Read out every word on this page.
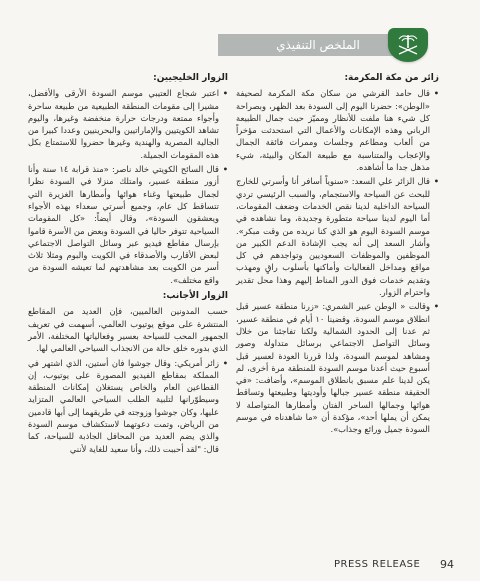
الملخص التنفيذي
زائر من مكة المكرمة:

•
قال حامد القرشي من سكان مكة المكرمة لصحيفة «الوطن»: حضرنا اليوم إلى السودة بعد الظهر، وبصراحة كل شيء هنا ملفت للأنظار ومميّز حيث جمال الطبيعة الرباني وهذه الإمكانات والأعمال التي استحدثت مؤخراً من ألعاب ومطاعم وجلسات وممرات فائقة الجمال والإعجاب والمتناسبة مع طبيعة المكان والبيئة، شيء مذهل جدا ما أشاهده.

•
قال الزائر علي السعد: «سنوياً أسافر أنا وأسرتي للخارج للبحث عن السياحة والاستجمام، والسبب الرئيسي تردي السياحة الداخلية لدينا نقص الخدمات وضعف المقومات، أما اليوم لدينا سياحة متطورة وجديدة، وما نشاهده في موسم السودة اليوم هو الذي كنا نريده من وقت مبكر». وأشار السعد إلى أنه يجب الإشادة الدعم الكبير من الموظفين والموظفات السعوديين وتواجدهم في كل مواقع ومداخل الفعاليات وأماكنها بأسلوب راقٍ ومهذب وتقديم خدمات فوق الدور المناط إليهم وهذا محل تقدير واحترام الزوار.

•
وقالت « الوطن عبير الشمري: «زرنا منطقة عسير قبل انطلاق موسم السودة، وقضينا ١٠ أيام في منطقة عسير، ثم عدنا إلى الحدود الشمالية ولكنا تفاجئنا من خلال وسائل التواصل الاجتماعي برسائل متداولة وصور ومشاهد لموسم السودة، ولذا قررنا العودة لعسير قبل أسبوع حيث أعدنا موسم السودة للمنطقة مرة أخرى، لم يكن لدينا علم مسبق بانطلاق الموسم»، وأضافت: «في الحقيقة منطقة عسير جبالها وأوديتها وطبيعتها وتساقط هوائها وجمالها الساحر الفتان وأمطارها المتواصلة لا يمكن أن يملها أحد»، مؤكدة أن «ما شاهدناه في موسم السودة جميل ورائع وجذاب».

الزوار الخليجيين:

•
اعتبر شجاع العتيبي موسم السودة الأرقى والأفضل، مشيرا إلى مقومات المنطقة الطبيعية من طبيعة ساحرة وأجواء ممتعة ودرجات حرارة منخفضة وغيرها، واليوم تشاهد الكويتيين والإماراتيين والبحرينيين وعددا كبيرا من الجالية المصرية والهندية وغيرها حضروا للاستمتاع بكل هذه المقومات الجميلة.

•
قال السائح الكويتي خالد ناصر: «منذ قرابة ١٤ سنة وأنا أزور منطقة عسير، وامتلك منزلا في السودة نظرا لجمال طبيعتها وغناء هوائها وأمطارها الغزيرة التي تتساقط كل عام، وجميع أسرتي سعداء بهذه الأجواء ويعشقون السودة»، وقال أيضاً: «كل المقومات السياحية تتوفر حاليا في السودة وبعض من الأسرة قاموا بإرسال مقاطع فيديو عبر وسائل التواصل الاجتماعي لبعض الأقارب والأصدقاء في الكويت والبوم ومثلا ثلاث أسر من الكويت بعد مشاهدتهم لما تعيشه السودة من واقع مختلف».

الزوار الأجانب:

حسب المدونين العالميين، فإن العديد من المقاطع المنتشرة على موقع يوتيوب العالمي، أسهمت في تعريف الجمهور المحب للسياحة بعسير وفعالياتها المختلفة، الأمر الذي بدوره خلق حالة من الانجذاب السياحي العالمي لها.

•
زائر أمريكي: وقال جوشوا فان أستين، الذي اشتهر في المملكة بمقاطع الفيديو المصورة على يوتيوب، إن القطاعين العام والخاص يستغلان إمكانات المنطقة وسيطوّرانها لتلبية الطلب السياحي العالمي المتزايد عليها، وكان جوشوا وزوجته في طريقهما إلى أبها قادمين من الرياض، وتمت دعوتهما لاستكشاف موسم السودة والذي يضم العديد من المحافل الجاذبة للسياحة، كما قال: "لقد أحببت ذلك، وأنا سعيد للغاية لأنني

PRESS RELEASE 94
